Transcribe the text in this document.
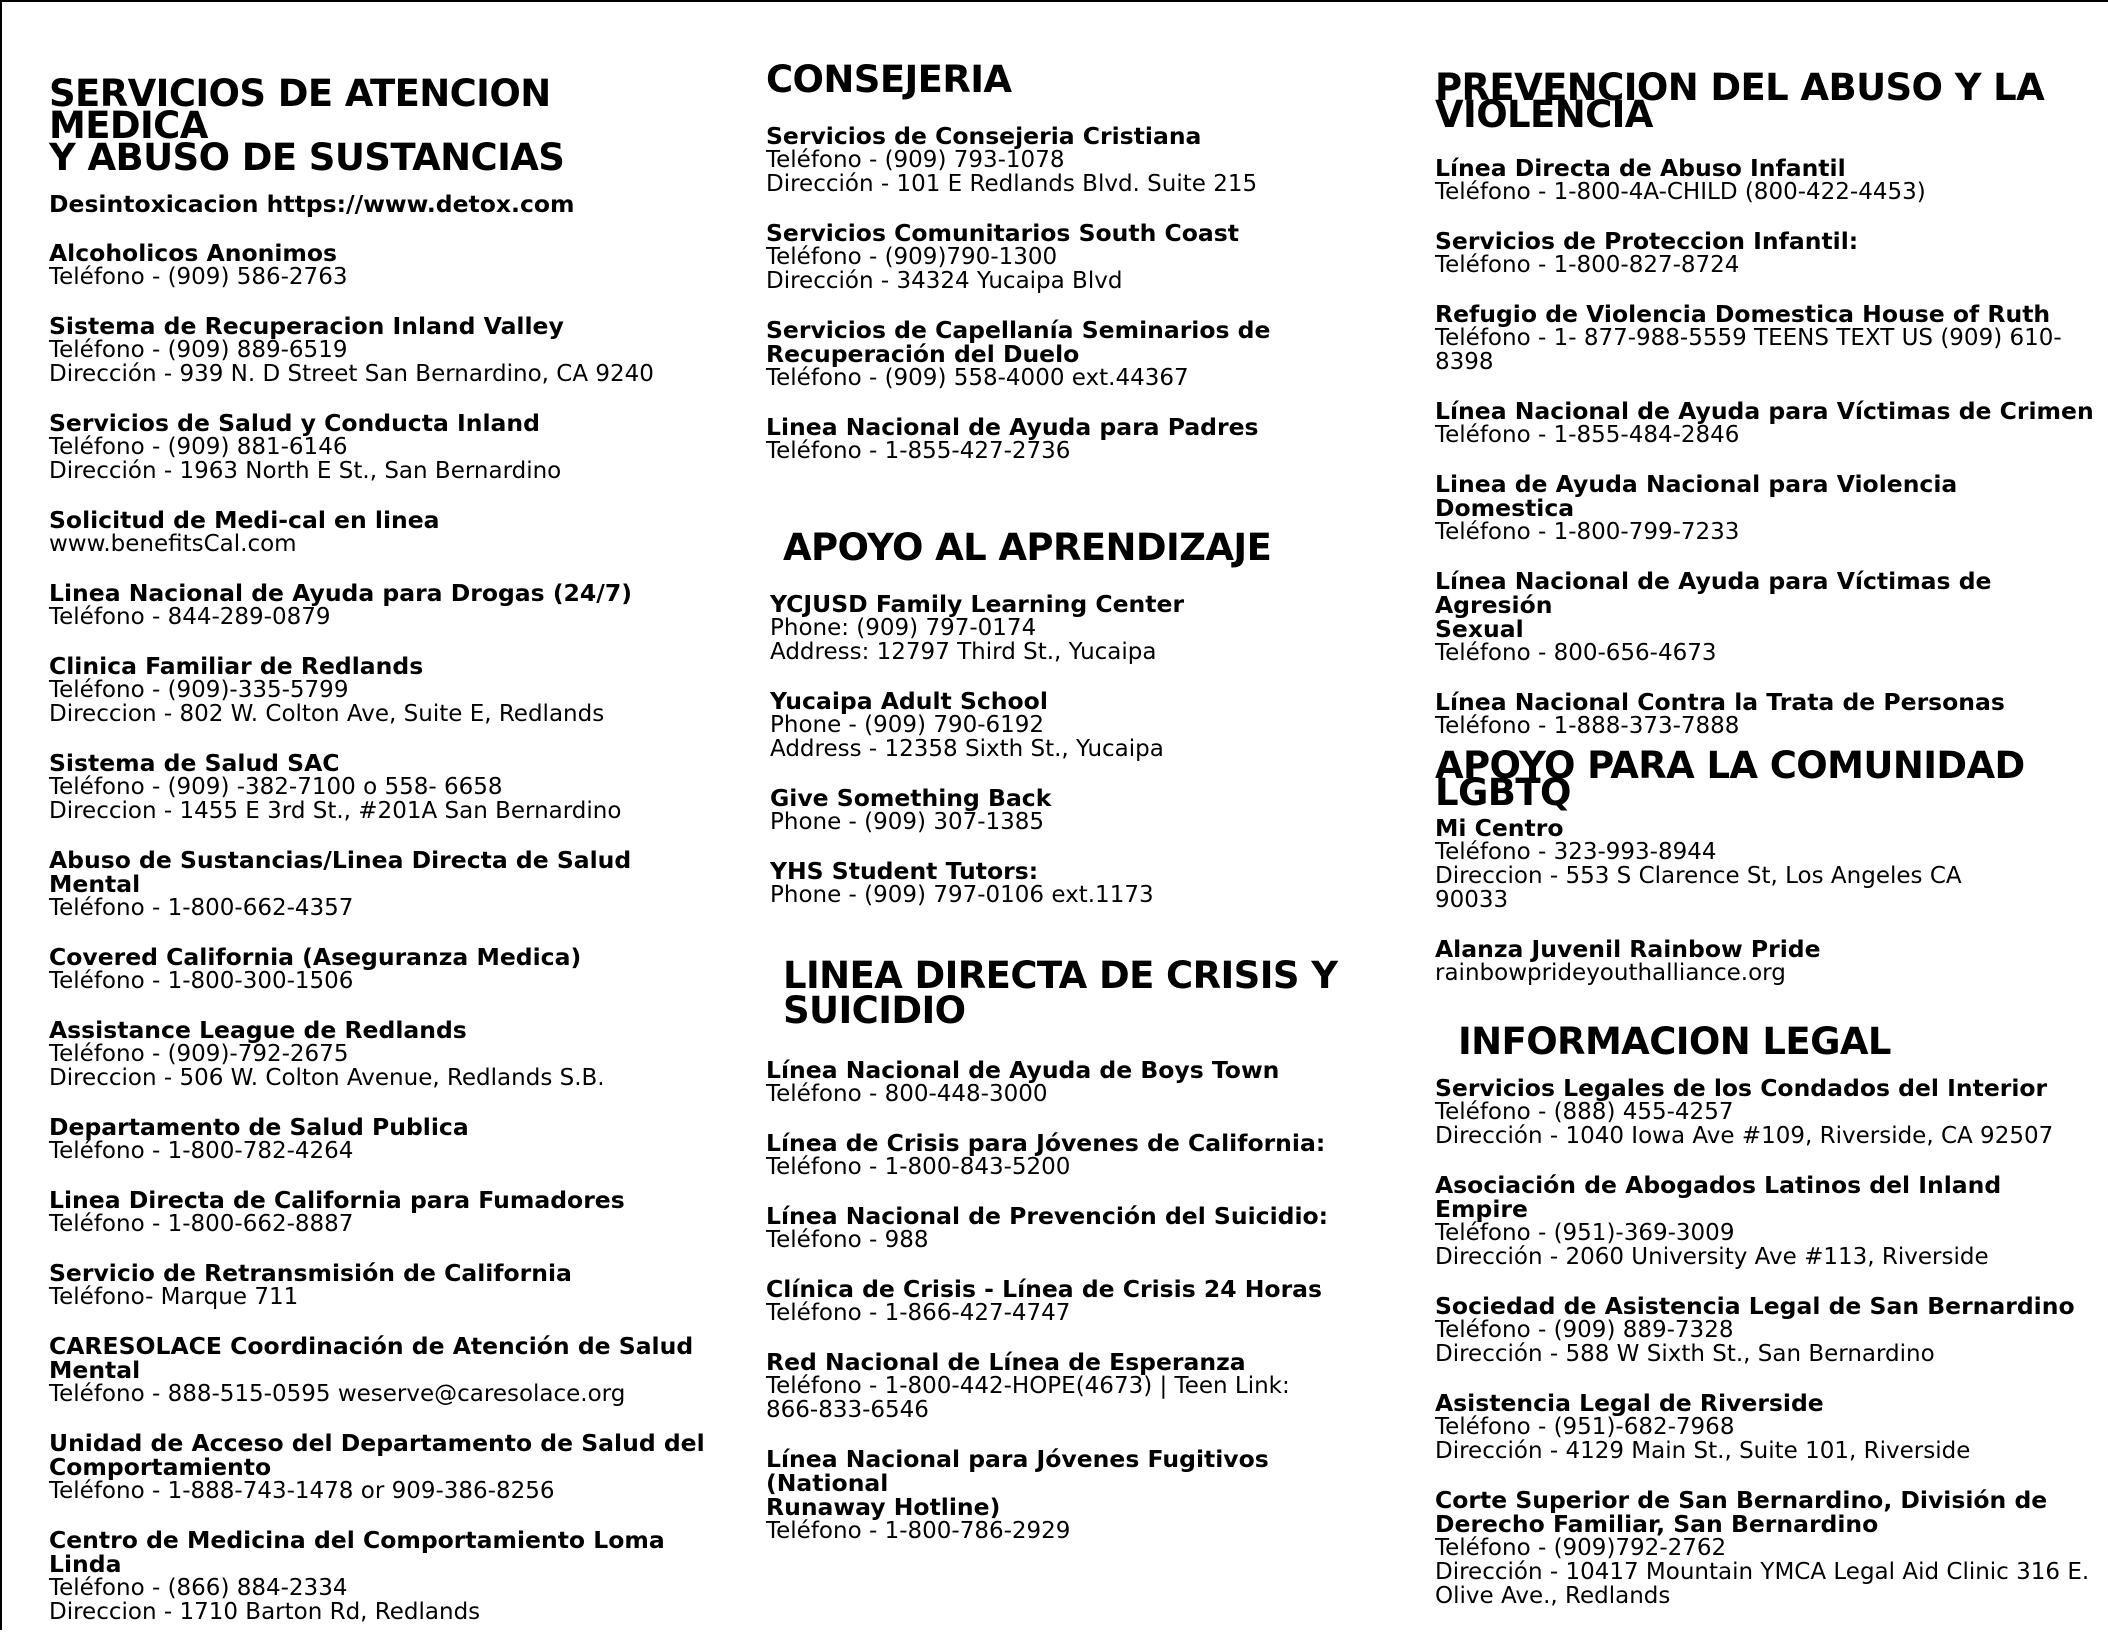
SERVICIOS DE ATENCION MEDICA
Y ABUSO DE SUSTANCIAS
Desintoxicacion https://www.detox.com
Alcoholicos Anonimos
Teléfono - (909) 586-2763
Sistema de Recuperacion Inland Valley
Teléfono - (909) 889-6519
Dirección - 939 N. D Street San Bernardino, CA 9240
Servicios de Salud y Conducta Inland
Teléfono - (909) 881-6146
Dirección - 1963 North E St., San Bernardino
Solicitud de Medi-cal en linea
www.benefitsCal.com
Linea Nacional de Ayuda para Drogas (24/7)
Teléfono - 844-289-0879
Clinica Familiar de Redlands
Teléfono - (909)-335-5799
Direccion - 802 W. Colton Ave, Suite E, Redlands
Sistema de Salud SAC
Teléfono - (909) -382-7100 o 558- 6658
Direccion - 1455 E 3rd St., #201A San Bernardino
Abuso de Sustancias/Linea Directa de Salud Mental
Teléfono - 1-800-662-4357
Covered California (Aseguranza Medica)
Teléfono - 1-800-300-1506
Assistance League de Redlands
Teléfono - (909)-792-2675
Direccion - 506 W. Colton Avenue, Redlands S.B.
Departamento de Salud Publica
Teléfono - 1-800-782-4264
Linea Directa de California para Fumadores
Teléfono - 1-800-662-8887
Servicio de Retransmisión de California
Teléfono- Marque 711
CARESOLACE Coordinación de Atención de Salud
Mental
Teléfono - 888-515-0595 weserve@caresolace.org
Unidad de Acceso del Departamento de Salud del
Comportamiento
Teléfono - 1-888-743-1478 or 909-386-8256
Centro de Medicina del Comportamiento Loma Linda
Teléfono - (866) 884-2334
Direccion - 1710 Barton Rd, Redlands
CONSEJERIA
Servicios de Consejeria Cristiana
Teléfono - (909) 793-1078
Dirección - 101 E Redlands Blvd. Suite 215
Servicios Comunitarios South Coast
Teléfono - (909)790-1300
Dirección - 34324 Yucaipa Blvd
Servicios de Capellanía Seminarios de
Recuperación del Duelo
Teléfono - (909) 558-4000 ext.44367
Linea Nacional de Ayuda para Padres
Teléfono - 1-855-427-2736
APOYO AL APRENDIZAJE
YCJUSD Family Learning Center
Phone: (909) 797-0174
Address: 12797 Third St., Yucaipa
Yucaipa Adult School
Phone - (909) 790-6192
Address - 12358 Sixth St., Yucaipa
Give Something Back
Phone - (909) 307-1385
YHS Student Tutors:
Phone - (909) 797-0106 ext.1173
LINEA DIRECTA DE CRISIS Y
SUICIDIO
Línea Nacional de Ayuda de Boys Town
Teléfono - 800-448-3000
Línea de Crisis para Jóvenes de California:
Teléfono - 1-800-843-5200
Línea Nacional de Prevención del Suicidio:
Teléfono - 988
Clínica de Crisis - Línea de Crisis 24 Horas
Teléfono - 1-866-427-4747
Red Nacional de Línea de Esperanza
Teléfono - 1-800-442-HOPE(4673) | Teen Link:
866-833-6546
Línea Nacional para Jóvenes Fugitivos (National
Runaway Hotline)
Teléfono - 1-800-786-2929
PREVENCION DEL ABUSO Y LA
VIOLENCIA
Línea Directa de Abuso Infantil
Teléfono - 1-800-4A-CHILD (800-422-4453)
Servicios de Proteccion Infantil:
Teléfono - 1-800-827-8724
Refugio de Violencia Domestica House of Ruth
Teléfono - 1- 877-988-5559 TEENS TEXT US (909) 610-
8398
Línea Nacional de Ayuda para Víctimas de Crimen
Teléfono - 1-855-484-2846
Linea de Ayuda Nacional para Violencia Domestica
Teléfono - 1-800-799-7233
Línea Nacional de Ayuda para Víctimas de Agresión
Sexual
Teléfono - 800-656-4673
Línea Nacional Contra la Trata de Personas
Teléfono - 1-888-373-7888
APOYO PARA LA COMUNIDAD
LGBTQ
Mi Centro
Teléfono - 323-993-8944
Direccion - 553 S Clarence St, Los Angeles CA
90033
Alanza Juvenil Rainbow Pride
rainbowprideyouthalliance.org
INFORMACION LEGAL
Servicios Legales de los Condados del Interior
Teléfono - (888) 455-4257
Dirección - 1040 Iowa Ave #109, Riverside, CA 92507
Asociación de Abogados Latinos del Inland Empire
Teléfono - (951)-369-3009
Dirección - 2060 University Ave #113, Riverside
Sociedad de Asistencia Legal de San Bernardino
Teléfono - (909) 889-7328
Dirección - 588 W Sixth St., San Bernardino
Asistencia Legal de Riverside
Teléfono - (951)-682-7968
Dirección - 4129 Main St., Suite 101, Riverside
Corte Superior de San Bernardino, División de
Derecho Familiar, San Bernardino
Teléfono - (909)792-2762
Dirección - 10417 Mountain YMCA Legal Aid Clinic 316 E.
Olive Ave., Redlands
